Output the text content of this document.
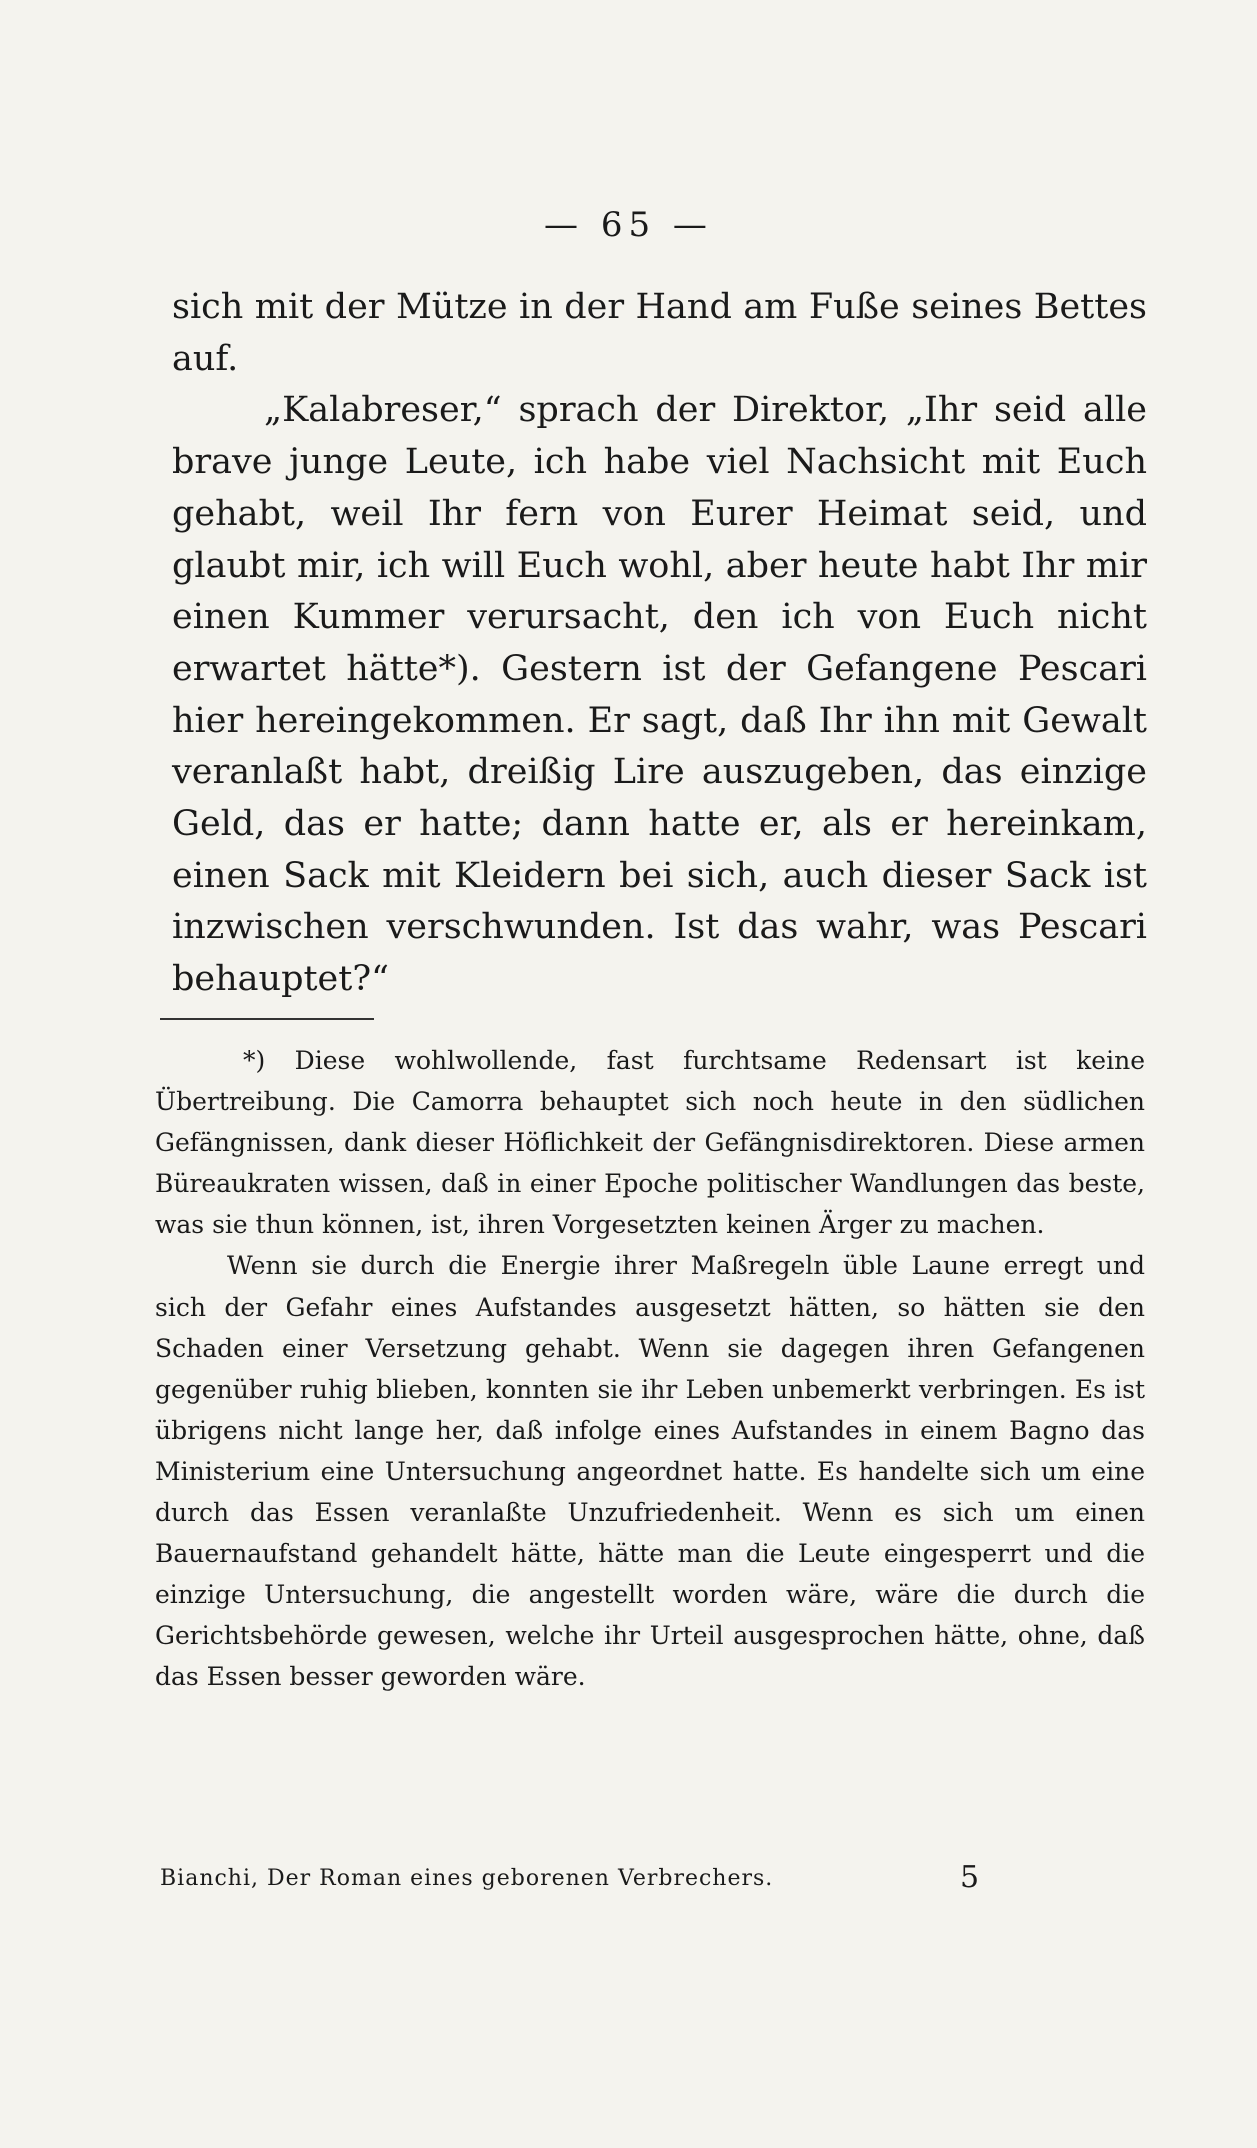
— 65 —

sich mit der Mütze in der Hand am Fuße seines Bettes auf.

„Kalabreser,“ sprach der Direktor, „Ihr seid alle brave junge Leute, ich habe viel Nachsicht mit Euch gehabt, weil Ihr fern von Eurer Heimat seid, und glaubt mir, ich will Euch wohl, aber heute habt Ihr mir einen Kummer verursacht, den ich von Euch nicht erwartet hätte*). Gestern ist der Gefangene Pescari hier hereingekommen. Er sagt, daß Ihr ihn mit Gewalt veranlaßt habt, dreißig Lire auszugeben, das einzige Geld, das er hatte; dann hatte er, als er hereinkam, einen Sack mit Kleidern bei sich, auch dieser Sack ist inzwischen verschwunden. Ist das wahr, was Pescari behauptet?“

*) Diese wohlwollende, fast furchtsame Redensart ist keine Übertreibung. Die Camorra behauptet sich noch heute in den südlichen Gefängnissen, dank dieser Höflichkeit der Gefängnisdirektoren. Diese armen Büreaukraten wissen, daß in einer Epoche politischer Wandlungen das beste, was sie thun können, ist, ihren Vorgesetzten keinen Ärger zu machen.

Wenn sie durch die Energie ihrer Maßregeln üble Laune erregt und sich der Gefahr eines Aufstandes ausgesetzt hätten, so hätten sie den Schaden einer Versetzung gehabt. Wenn sie dagegen ihren Gefangenen gegenüber ruhig blieben, konnten sie ihr Leben unbemerkt verbringen. Es ist übrigens nicht lange her, daß infolge eines Aufstandes in einem Bagno das Ministerium eine Untersuchung angeordnet hatte. Es handelte sich um eine durch das Essen veranlaßte Unzufriedenheit. Wenn es sich um einen Bauernaufstand gehandelt hätte, hätte man die Leute eingesperrt und die einzige Untersuchung, die angestellt worden wäre, wäre die durch die Gerichtsbehörde gewesen, welche ihr Urteil ausgesprochen hätte, ohne, daß das Essen besser geworden wäre.

Bianchi, Der Roman eines geborenen Verbrechers.	5
